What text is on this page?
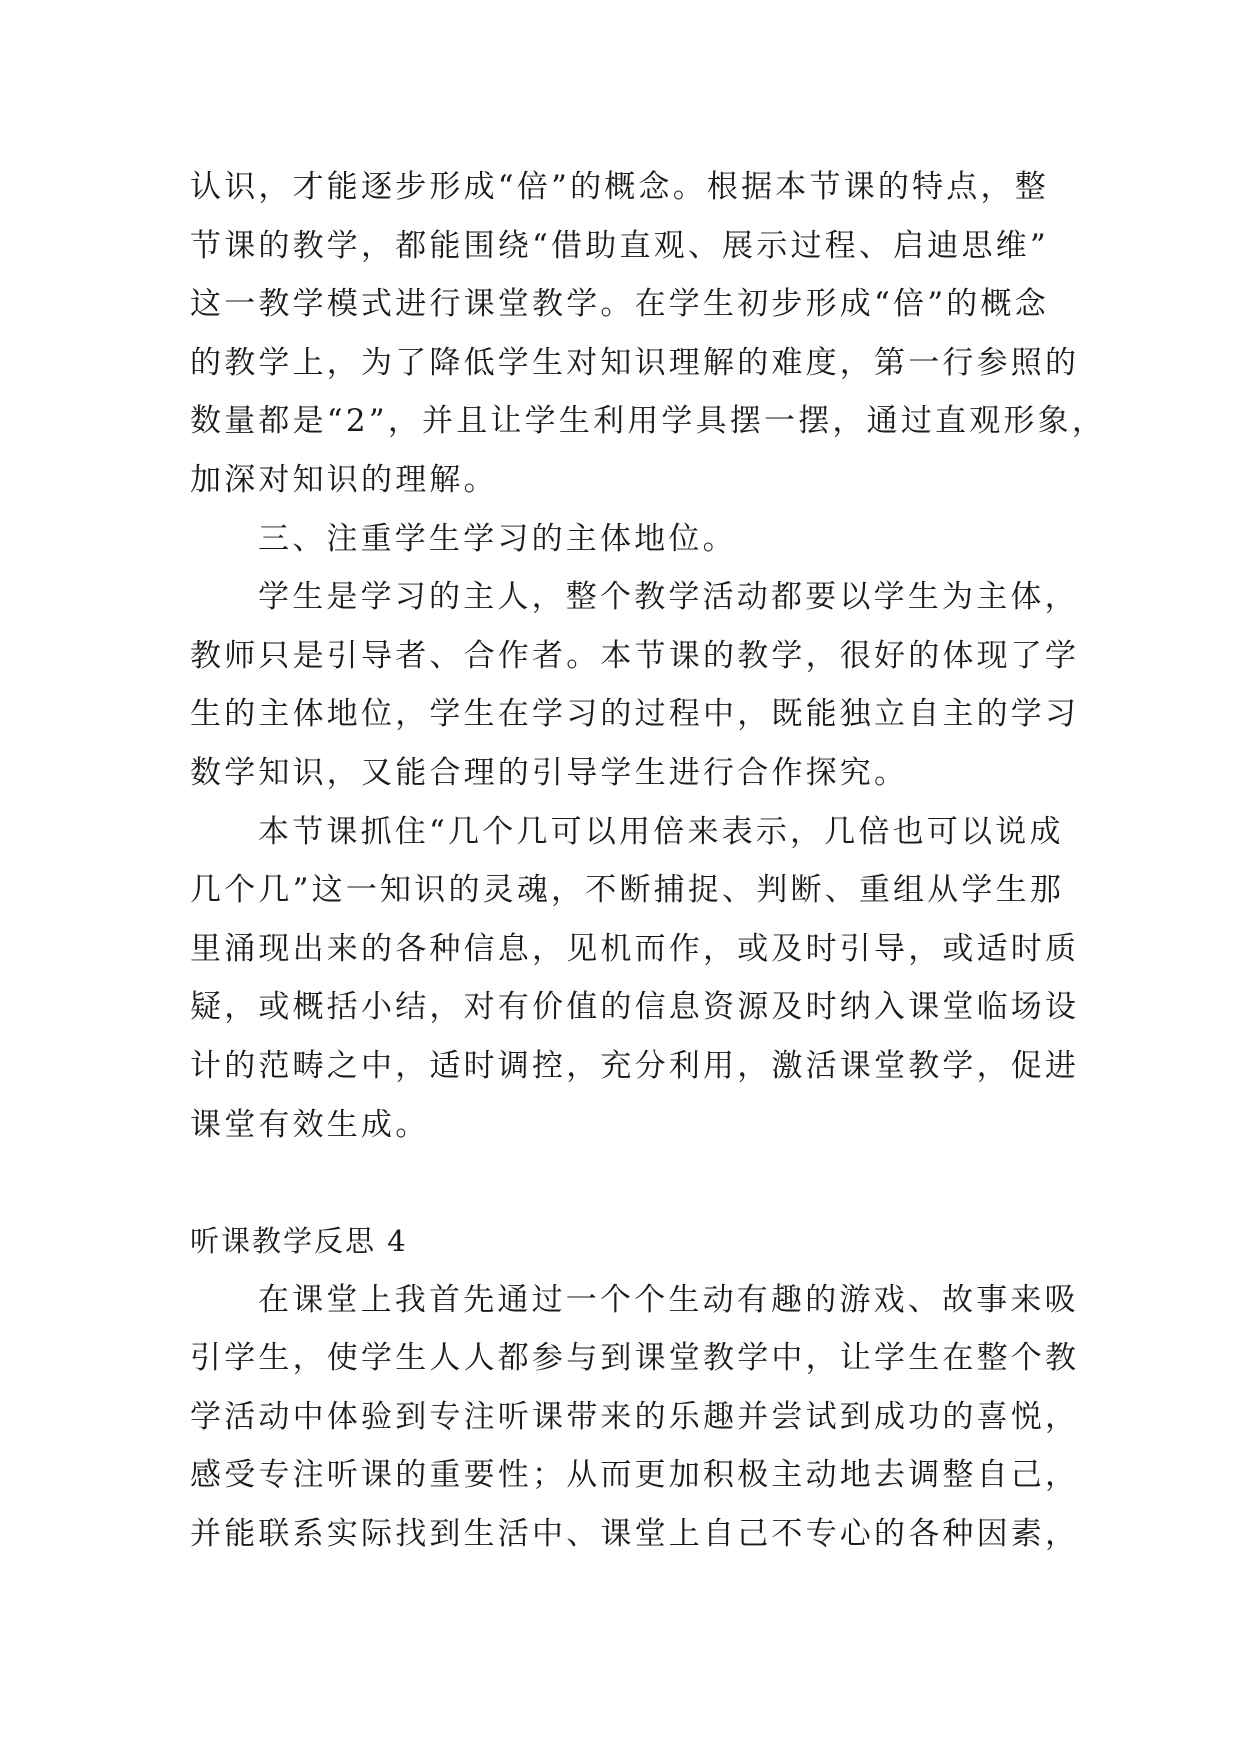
认识，才能逐步形成“倍”的概念。根据本节课的特点，整
节课的教学，都能围绕“借助直观、展示过程、启迪思维”
这一教学模式进行课堂教学。在学生初步形成“倍”的概念
的教学上，为了降低学生对知识理解的难度，第一行参照的
数量都是“2”，并且让学生利用学具摆一摆，通过直观形象，
加深对知识的理解。
三、注重学生学习的主体地位。
学生是学习的主人，整个教学活动都要以学生为主体，
教师只是引导者、合作者。本节课的教学，很好的体现了学
生的主体地位，学生在学习的过程中，既能独立自主的学习
数学知识，又能合理的引导学生进行合作探究。
本节课抓住“几个几可以用倍来表示，几倍也可以说成
几个几”这一知识的灵魂，不断捕捉、判断、重组从学生那
里涌现出来的各种信息，见机而作，或及时引导，或适时质
疑，或概括小结，对有价值的信息资源及时纳入课堂临场设
计的范畴之中，适时调控，充分利用，激活课堂教学，促进
课堂有效生成。
听课教学反思 4
在课堂上我首先通过一个个生动有趣的游戏、故事来吸
引学生，使学生人人都参与到课堂教学中，让学生在整个教
学活动中体验到专注听课带来的乐趣并尝试到成功的喜悦，
感受专注听课的重要性；从而更加积极主动地去调整自己，
并能联系实际找到生活中、课堂上自己不专心的各种因素，
